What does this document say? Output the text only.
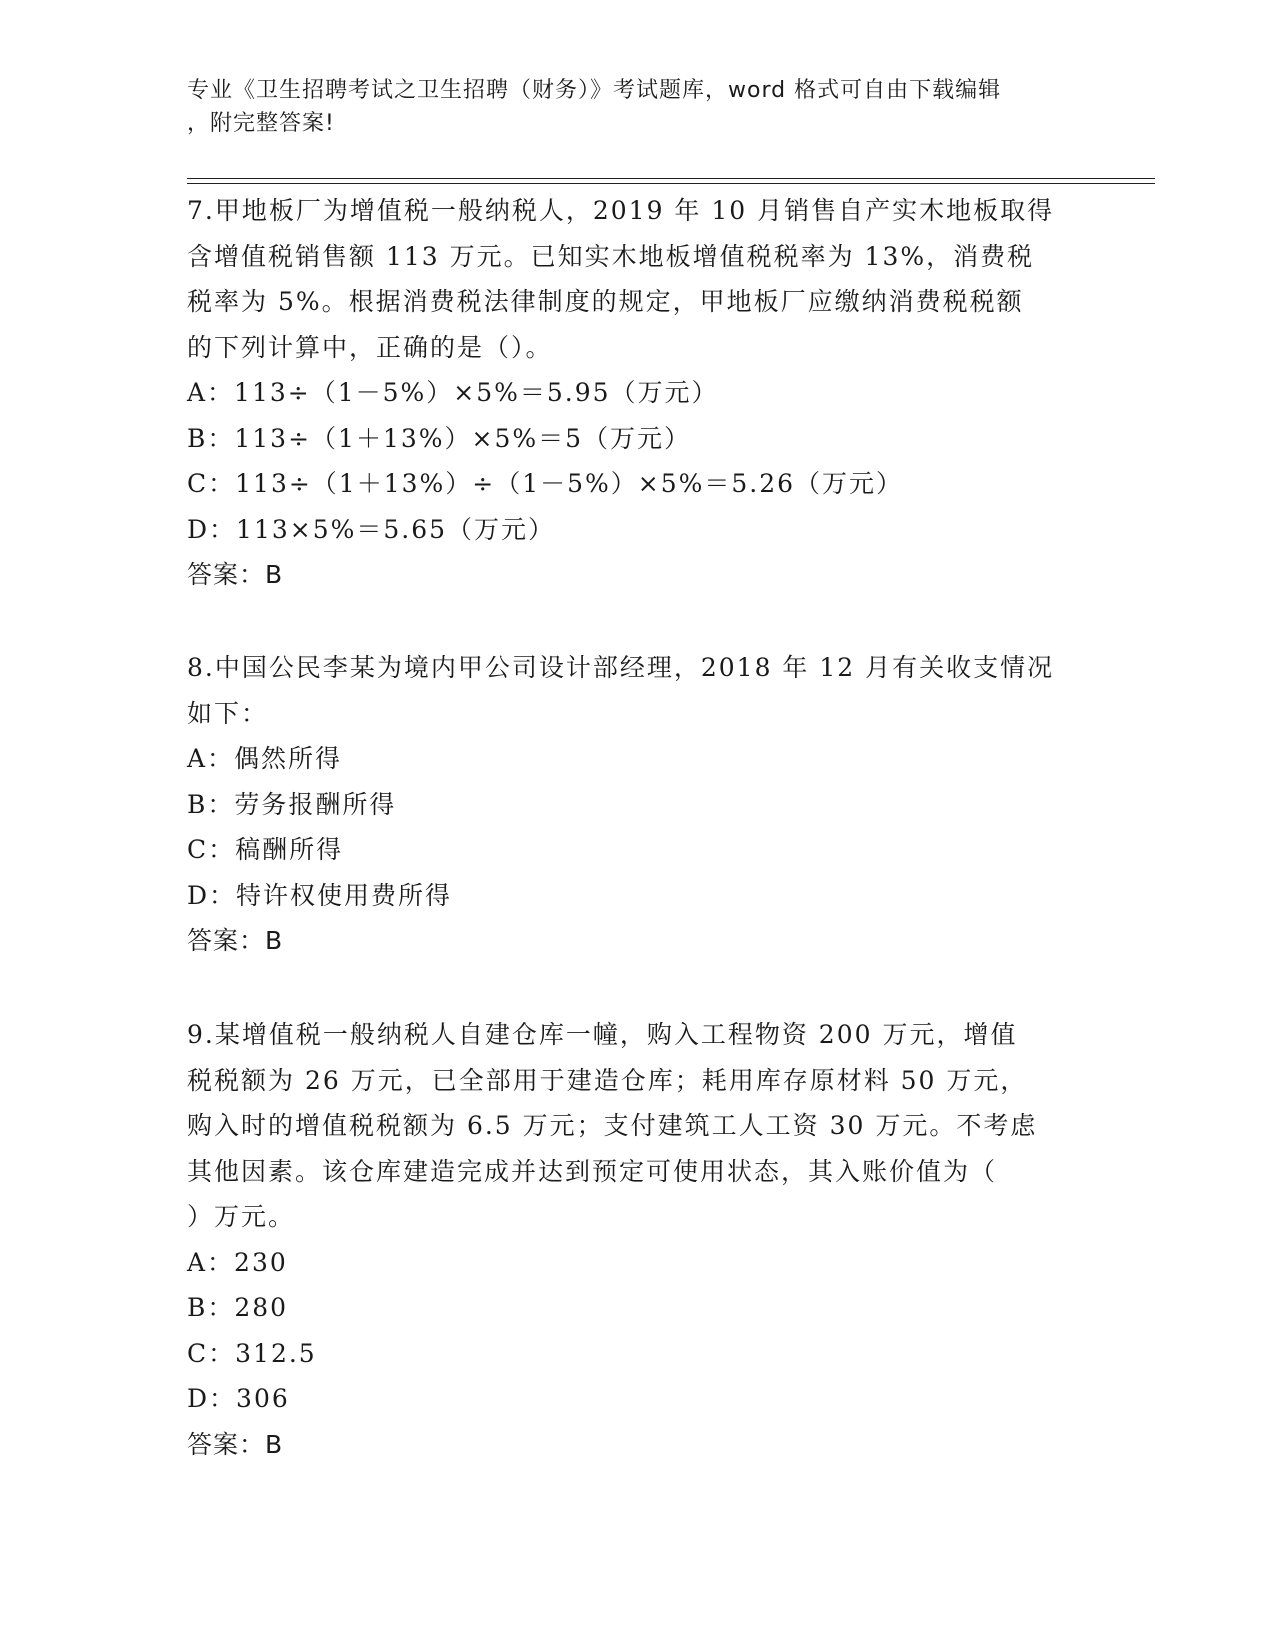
专业《卫生招聘考试之卫生招聘（财务）》考试题库，word 格式可自由下载编辑
，附完整答案!

7.甲地板厂为增值税一般纳税人，2019 年 10 月销售自产实木地板取得
含增值税销售额 113 万元。已知实木地板增值税税率为 13%，消费税
税率为 5%。根据消费税法律制度的规定，甲地板厂应缴纳消费税税额
的下列计算中，正确的是（）。

A：113÷（1－5%）×5%＝5.95（万元）
B：113÷（1＋13%）×5%＝5（万元）
C：113÷（1＋13%）÷（1－5%）×5%＝5.26（万元）
D：113×5%＝5.65（万元）
答案：B

8.中国公民李某为境内甲公司设计部经理，2018 年 12 月有关收支情况
如下：

A：偶然所得
B：劳务报酬所得
C：稿酬所得
D：特许权使用费所得
答案：B

9.某增值税一般纳税人自建仓库一幢，购入工程物资 200 万元，增值
税税额为 26 万元，已全部用于建造仓库；耗用库存原材料 50 万元，
购入时的增值税税额为 6.5 万元；支付建筑工人工资 30 万元。不考虑
其他因素。该仓库建造完成并达到预定可使用状态，其入账价值为（
）万元。

A：230
B：280
C：312.5
D：306
答案：B
